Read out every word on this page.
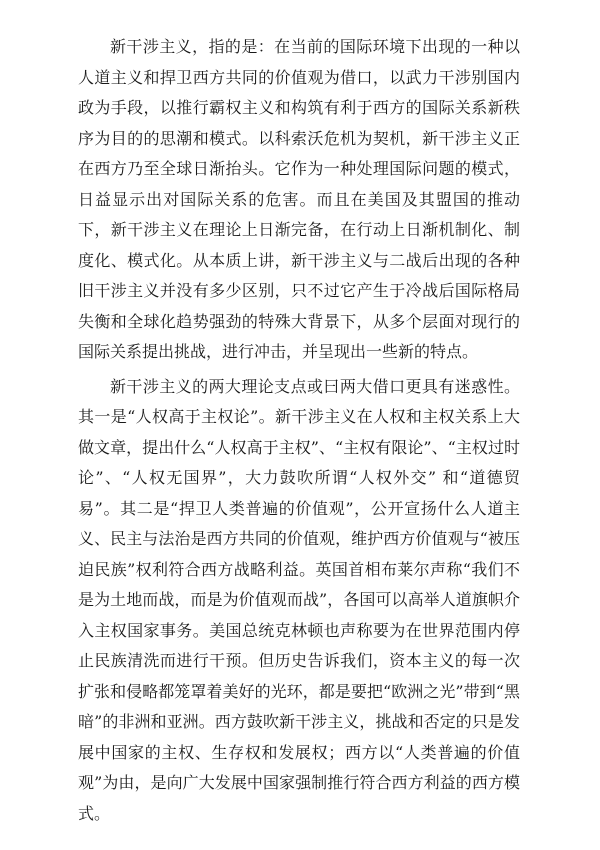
新干涉主义，指的是：在当前的国际环境下出现的一种以人道主义和捍卫西方共同的价值观为借口，以武力干涉别国内政为手段，以推行霸权主义和构筑有利于西方的国际关系新秩序为目的的思潮和模式。以科索沃危机为契机，新干涉主义正在西方乃至全球日渐抬头。它作为一种处理国际问题的模式，日益显示出对国际关系的危害。而且在美国及其盟国的推动下，新干涉主义在理论上日渐完备，在行动上日渐机制化、制度化、模式化。从本质上讲，新干涉主义与二战后出现的各种旧干涉主义并没有多少区别，只不过它产生于冷战后国际格局失衡和全球化趋势强劲的特殊大背景下，从多个层面对现行的国际关系提出挑战，进行冲击，并呈现出一些新的特点。

新干涉主义的两大理论支点或曰两大借口更具有迷惑性。其一是“人权高于主权论”。新干涉主义在人权和主权关系上大做文章，提出什么“人权高于主权”、“主权有限论”、“主权过时论”、“人权无国界”，大力鼓吹所谓“人权外交” 和“道德贸易”。其二是“捍卫人类普遍的价值观”，公开宣扬什么人道主义、民主与法治是西方共同的价值观，维护西方价值观与“被压迫民族”权利符合西方战略利益。英国首相布莱尔声称“我们不是为土地而战，而是为价值观而战”，各国可以高举人道旗帜介入主权国家事务。美国总统克林顿也声称要为在世界范围内停止民族清洗而进行干预。但历史告诉我们，资本主义的每一次扩张和侵略都笼罩着美好的光环，都是要把“欧洲之光”带到“黑暗”的非洲和亚洲。西方鼓吹新干涉主义，挑战和否定的只是发展中国家的主权、生存权和发展权；西方以“人类普遍的价值观”为由，是向广大发展中国家强制推行符合西方利益的西方模式。
